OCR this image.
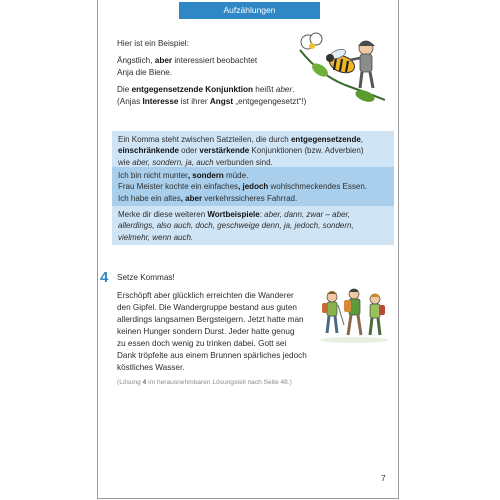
Aufzählungen
Hier ist ein Beispiel:
Ängstlich, aber interessiert beobachtet
Anja die Biene.
Die entgegensetzende Konjunktion heißt aber.
(Anjas Interesse ist ihrer Angst „entgegengesetzt“!)
Ein Komma steht zwischen Satzteilen, die durch entgegensetzende,
einschränkende oder verstärkende Konjunktionen (bzw. Adverbien)
wie aber, sondern, ja, auch verbunden sind.
Ich bin nicht munter, sondern müde.
Frau Meister kochte ein einfaches, jedoch wohlschmeckendes Essen.
Ich habe ein altes, aber verkehrssicheres Fahrrad.
Merke dir diese weiteren Wortbeispiele: aber, dann, zwar – aber,
allerdings, also auch, doch, geschweige denn, ja, jedoch, sondern,
vielmehr, wenn auch.
4 Setze Kommas!
Erschöpft aber glücklich erreichten die Wanderer
den Gipfel. Die Wandergruppe bestand aus guten
allerdings langsamen Bergsteigern. Jetzt hatte man
keinen Hunger sondern Durst. Jeder hatte genug
zu essen doch wenig zu trinken dabei. Gott sei
Dank tröpfelte aus einem Brunnen spärliches jedoch
köstliches Wasser.
(Lösung 4 im herausnehmbaren Lösungsteil nach Seite 48.)
7
